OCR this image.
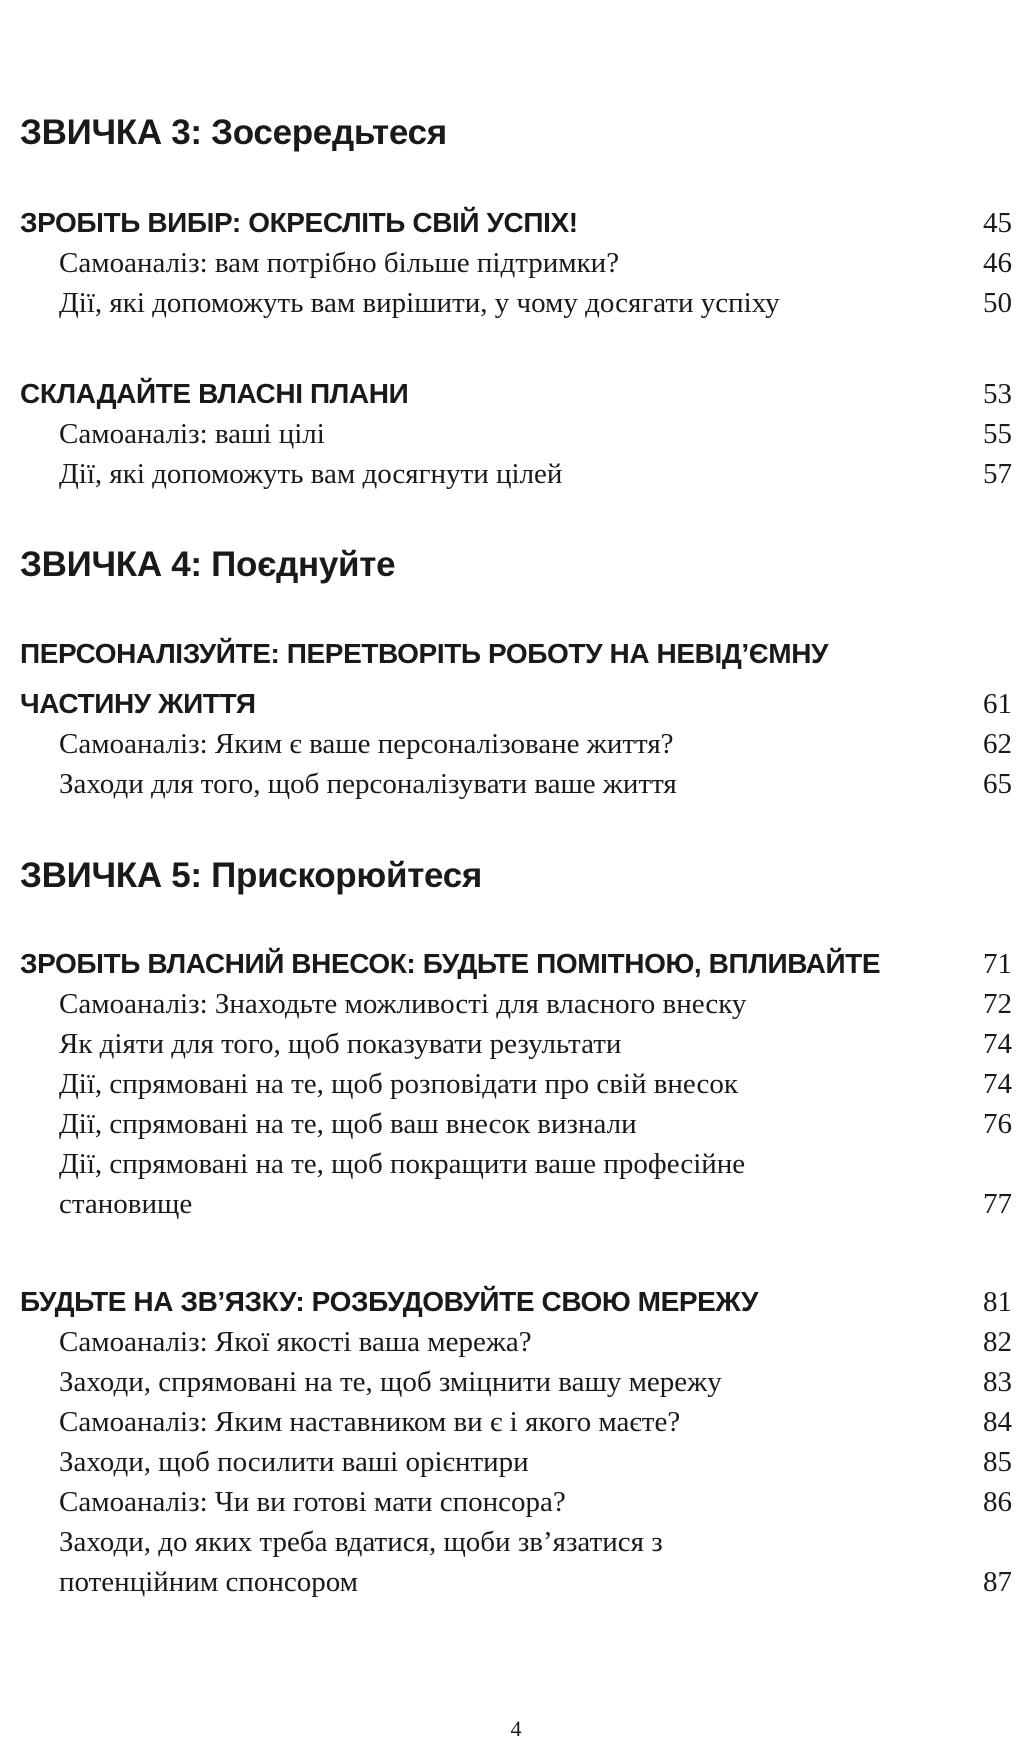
ЗВИЧКА 3: Зосередьтеся
ЗРОБІТЬ ВИБІР: ОКРЕСЛІТЬ СВІЙ УСПІХ!	45
Самоаналіз: вам потрібно більше підтримки?	46
Дії, які допоможуть вам вирішити, у чому досягати успіху	50
СКЛАДАЙТЕ ВЛАСНІ ПЛАНИ	53
Самоаналіз: ваші цілі	55
Дії, які допоможуть вам досягнути цілей	57
ЗВИЧКА 4: Поєднуйте
ПЕРСОНАЛІЗУЙТЕ: ПЕРЕТВОРІТЬ РОБОТУ НА НЕВІД’ЄМНУ
ЧАСТИНУ ЖИТТЯ	61
Самоаналіз: Яким є ваше персоналізоване життя?	62
Заходи для того, щоб персоналізувати ваше життя	65
ЗВИЧКА 5: Прискорюйтеся
ЗРОБІТЬ ВЛАСНИЙ ВНЕСОК: БУДЬТЕ ПОМІТНОЮ, ВПЛИВАЙТЕ	71
Самоаналіз: Знаходьте можливості для власного внеску	72
Як діяти для того, щоб показувати результати	74
Дії, спрямовані на те, щоб розповідати про свій внесок	74
Дії, спрямовані на те, щоб ваш внесок визнали	76
Дії, спрямовані на те, щоб покращити ваше професійне
становище	77
БУДЬТЕ НА ЗВ’ЯЗКУ: РОЗБУДОВУЙТЕ СВОЮ МЕРЕЖУ	81
Самоаналіз: Якої якості ваша мережа?	82
Заходи, спрямовані на те, щоб зміцнити вашу мережу	83
Самоаналіз: Яким наставником ви є і якого маєте?	84
Заходи, щоб посилити ваші орієнтири	85
Самоаналіз: Чи ви готові мати спонсора?	86
Заходи, до яких треба вдатися, щоби зв’язатися з
потенційним спонсором	87
4
